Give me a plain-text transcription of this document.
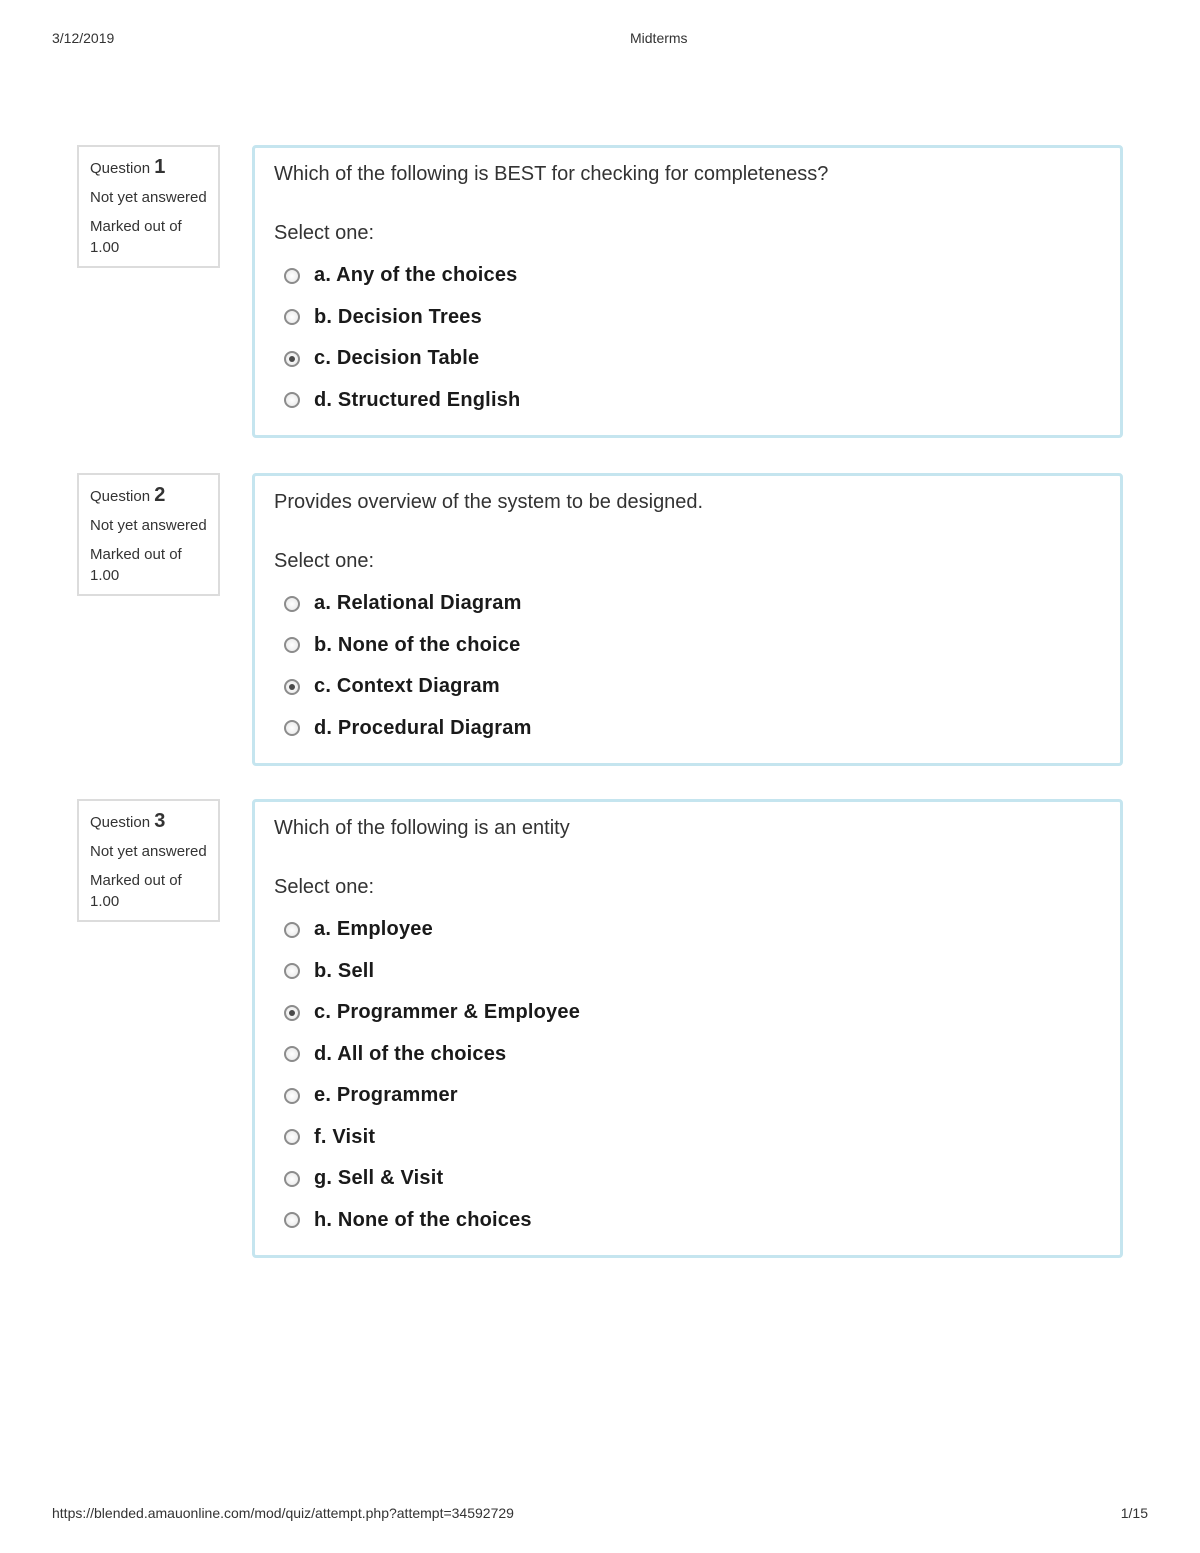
3/12/2019	Midterms
Question 1
Not yet answered
Marked out of 1.00
Which of the following is BEST for checking for completeness?
Select one:
a. Any of the choices
b. Decision Trees
c. Decision Table
d. Structured English
Question 2
Not yet answered
Marked out of 1.00
Provides overview of the system to be designed.
Select one:
a. Relational Diagram
b. None of the choice
c. Context Diagram
d. Procedural Diagram
Question 3
Not yet answered
Marked out of 1.00
Which of the following is an entity
Select one:
a. Employee
b. Sell
c. Programmer & Employee
d. All of the choices
e. Programmer
f. Visit
g. Sell & Visit
h. None of the choices
https://blended.amauonline.com/mod/quiz/attempt.php?attempt=34592729	1/15
